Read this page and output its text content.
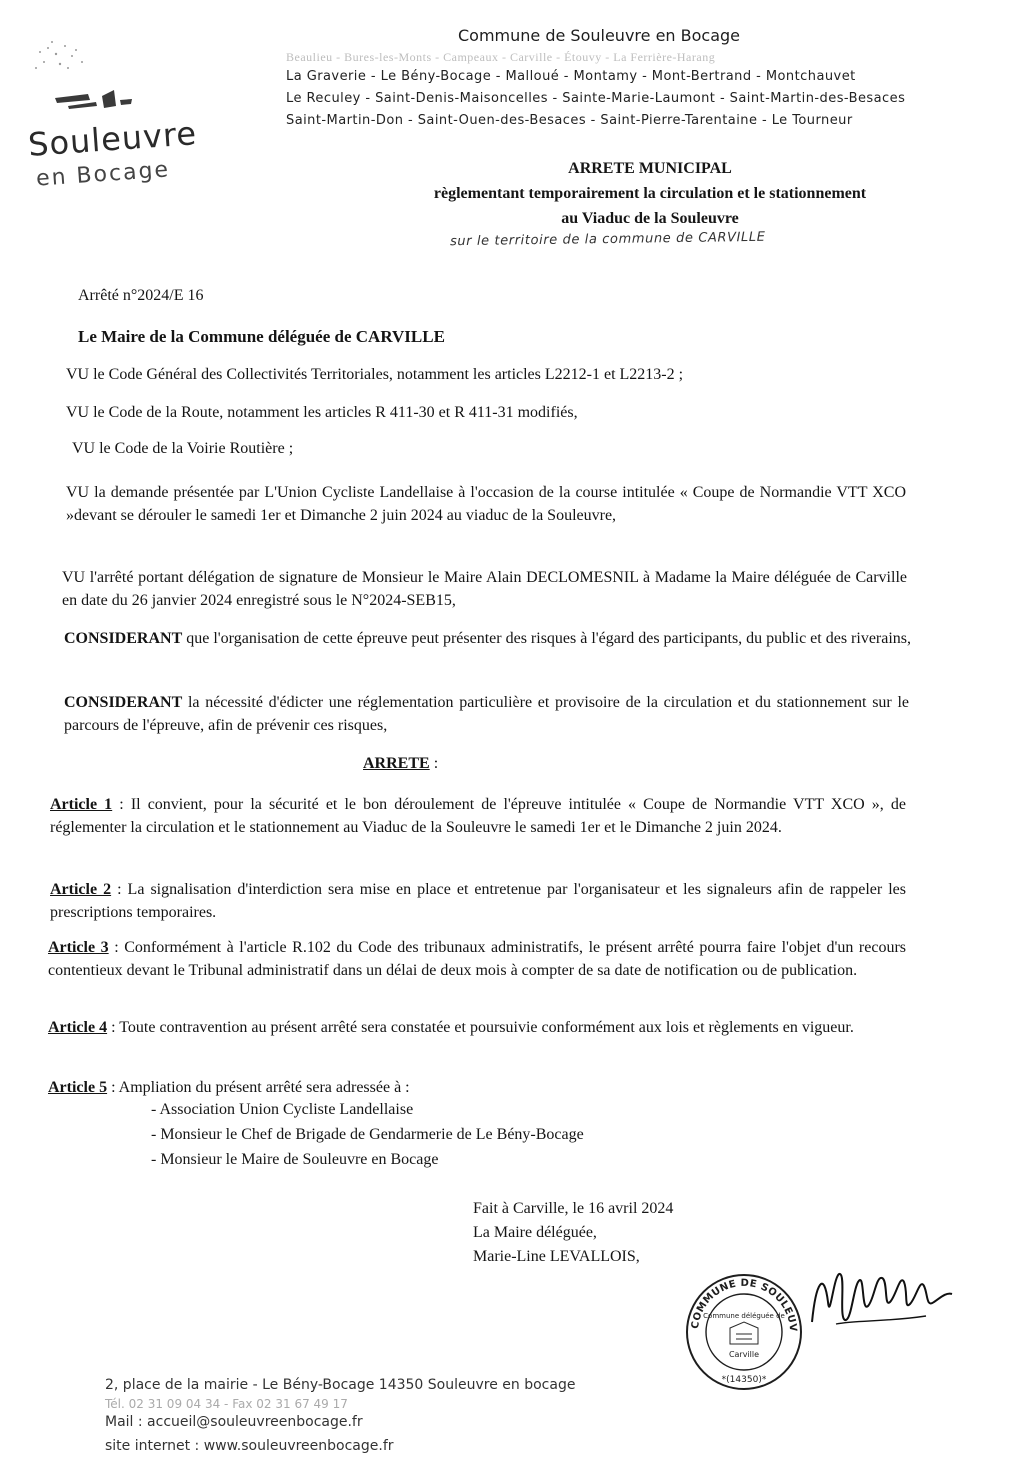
Souleuvre
en Bocage
Commune de Souleuvre en Bocage
Beaulieu - Bures-les-Monts - Campeaux - Carville - Étouvy - La Ferrière-Harang
La Graverie - Le Bény-Bocage - Malloué - Montamy - Mont-Bertrand - Montchauvet
Le Reculey - Saint-Denis-Maisoncelles - Sainte-Marie-Laumont - Saint-Martin-des-Besaces
Saint-Martin-Don - Saint-Ouen-des-Besaces - Saint-Pierre-Tarentaine - Le Tourneur
ARRETE MUNICIPAL
règlementant temporairement la circulation et le stationnement
au Viaduc de la Souleuvre
sur le territoire de la commune de CARVILLE
Arrêté n°2024/E 16
Le Maire de la Commune déléguée de CARVILLE
VU le Code Général des Collectivités Territoriales, notamment les articles L2212-1 et L2213-2 ;
VU le Code de la Route, notamment les articles R 411-30 et R 411-31 modifiés,
VU le Code de la Voirie Routière ;
VU la demande présentée par L'Union Cycliste Landellaise à l'occasion de la course intitulée « Coupe de Normandie VTT XCO »devant se dérouler le samedi 1er et Dimanche 2 juin 2024 au viaduc de la Souleuvre,
VU l'arrêté portant délégation de signature de Monsieur le Maire Alain DECLOMESNIL à Madame la Maire déléguée de Carville en date du 26 janvier 2024 enregistré sous le N°2024-SEB15,
CONSIDERANT que l'organisation de cette épreuve peut présenter des risques à l'égard des participants, du public et des riverains,
CONSIDERANT la nécessité d'édicter une réglementation particulière et provisoire de la circulation et du stationnement sur le parcours de l'épreuve, afin de prévenir ces risques,
ARRETE :
Article 1 : Il convient, pour la sécurité et le bon déroulement de l'épreuve intitulée « Coupe de Normandie VTT XCO », de réglementer la circulation et le stationnement au Viaduc de la Souleuvre le samedi 1er et le Dimanche 2 juin 2024.
Article 2 : La signalisation d'interdiction sera mise en place et entretenue par l'organisateur et les signaleurs afin de rappeler les prescriptions temporaires.
Article 3 : Conformément à l'article R.102 du Code des tribunaux administratifs, le présent arrêté pourra faire l'objet d'un recours contentieux devant le Tribunal administratif dans un délai de deux mois à compter de sa date de notification ou de publication.
Article 4 : Toute contravention au présent arrêté sera constatée et poursuivie conformément aux lois et règlements en vigueur.
Article 5 : Ampliation du présent arrêté sera adressée à :
- Association Union Cycliste Landellaise
- Monsieur le Chef de Brigade de Gendarmerie de Le Bény-Bocage
- Monsieur le Maire de Souleuvre en Bocage
Fait à Carville, le 16 avril 2024
La Maire déléguée,
Marie-Line LEVALLOIS,
COMMUNE DE SOULEUV
Commune déléguée de
Carville
*(14350)*
2, place de la mairie - Le Bény-Bocage 14350 Souleuvre en bocage
Tél. 02 31 09 04 34 - Fax 02 31 67 49 17
Mail : accueil@souleuvreenbocage.fr
site internet : www.souleuvreenbocage.fr
